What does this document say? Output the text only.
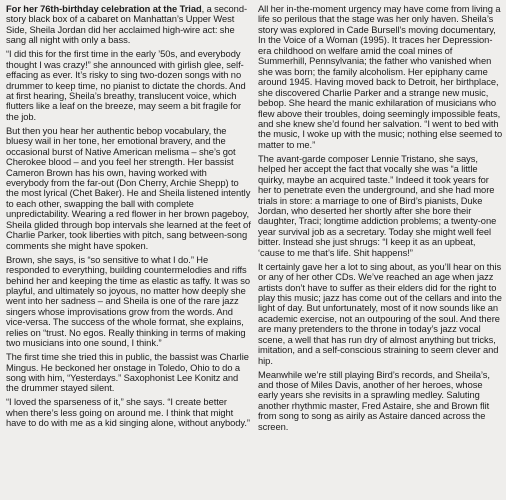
For her 76th-birthday celebration at the Triad, a second-story black box of a cabaret on Manhattan’s Upper West Side, Sheila Jordan did her acclaimed high-wire act: she sang all night with only a bass.

“I did this for the first time in the early ’50s, and everybody thought I was crazy!” she announced with girlish glee, self-effacing as ever. It’s risky to sing two-dozen songs with no drummer to keep time, no pianist to dictate the chords. And at first hearing, Sheila’s breathy, translucent voice, which flutters like a leaf on the breeze, may seem a bit fragile for the job.

But then you hear her authentic bebop vocabulary, the bluesy wail in her tone, her emotional bravery, and the occasional burst of Native American melisma – she’s got Cherokee blood – and you feel her strength. Her bassist Cameron Brown has his own, having worked with everybody from the far-out (Don Cherry, Archie Shepp) to the most lyrical (Chet Baker). He and Sheila listened intently to each other, swapping the ball with complete unpredictability. Wearing a red flower in her brown pageboy, Sheila glided through bop intervals she learned at the feet of Charlie Parker, took liberties with pitch, sang between-song comments she might have spoken.

Brown, she says, is “so sensitive to what I do.” He responded to everything, building countermelodies and riffs behind her and keeping the time as elastic as taffy. It was so playful, and ultimately so joyous, no matter how deeply she went into her sadness – and Sheila is one of the rare jazz singers whose improvisations grow from the words. And vice-versa. The success of the whole format, she explains, relies on “trust. No egos. Really thinking in terms of making two musicians into one sound, I think.”

The first time she tried this in public, the bassist was Charlie Mingus. He beckoned her onstage in Toledo, Ohio to do a song with him, “Yesterdays.” Saxophonist Lee Konitz and the drummer stayed silent.

“I loved the sparseness of it,” she says. “I create better when there’s less going on around me. I think that might have to do with me as a kid singing alone, without anybody.”

All her in-the-moment urgency may have come from living a life so perilous that the stage was her only haven. Sheila’s story was explored in Cade Bursell’s moving documentary, In the Voice of a Woman (1995). It traces her Depression-era childhood on welfare amid the coal mines of Summerhill, Pennsylvania; the father who vanished when she was born; the family alcoholism. Her epiphany came around 1945. Having moved back to Detroit, her birthplace, she discovered Charlie Parker and a strange new music, bebop. She heard the manic exhilaration of musicians who flew above their troubles, doing seemingly impossible feats, and she knew she’d found her salvation. “I went to bed with the music, I woke up with the music; nothing else seemed to matter to me.”

The avant-garde composer Lennie Tristano, she says, helped her accept the fact that vocally she was “a little quirky, maybe an acquired taste.” Indeed it took years for her to penetrate even the underground, and she had more trials in store: a marriage to one of Bird’s pianists, Duke Jordan, who deserted her shortly after she bore their daughter, Traci; longtime addiction problems; a twenty-one year survival job as a secretary. Today she might well feel bitter. Instead she just shrugs: “I keep it as an upbeat, ‘cause to me that’s life. Shit happens!”

It certainly gave her a lot to sing about, as you’ll hear on this or any of her other CDs. We’ve reached an age when jazz artists don’t have to suffer as their elders did for the right to play this music; jazz has come out of the cellars and into the light of day. But unfortunately, most of it now sounds like an academic exercise, not an outpouring of the soul. And there are many pretenders to the throne in today’s jazz vocal scene, a well that has run dry of almost anything but tricks, imitation, and a self-conscious straining to seem clever and hip.

Meanwhile we’re still playing Bird’s records, and Sheila’s, and those of Miles Davis, another of her heroes, whose early years she revisits in a sprawling medley. Saluting another rhythmic master, Fred Astaire, she and Brown flit from song to song as airily as Astaire danced across the screen.
